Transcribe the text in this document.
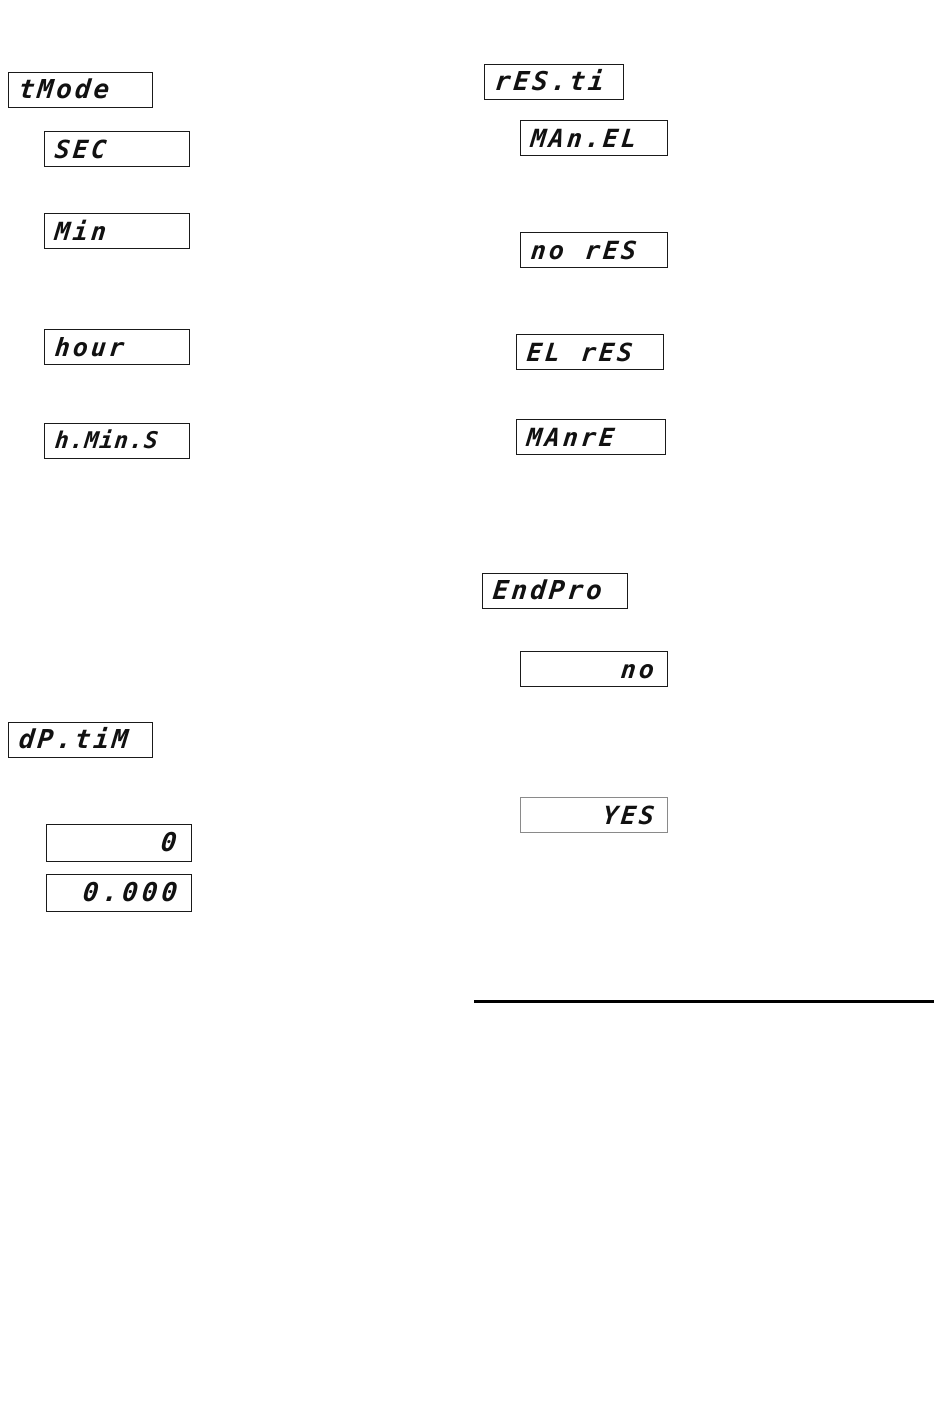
tMode
SEC
Min
hour
h.Min.S
dP.tiM
0
0.000
rES.ti
MAn.EL
no rES
EL rES
MAnrE
EndPro
no
YES
